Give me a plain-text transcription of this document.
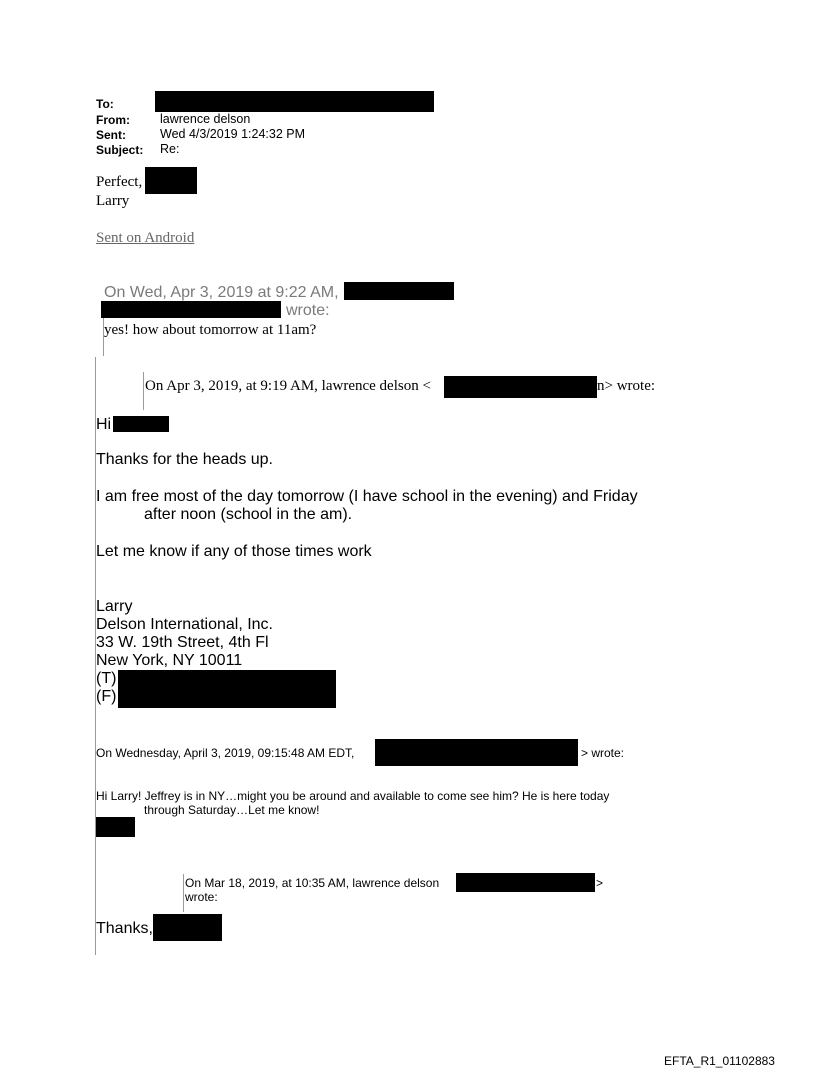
To:
From: lawrence delson
Sent:	Wed 4/3/2019 1:24:32 PM
Subject: Re:
Perfect,
Larry
Sent on Android
On Wed, Apr 3, 2019 at 9:22 AM,
wrote:
yes! how about tomorrow at 11am?
On Apr 3, 2019, at 9:19 AM, lawrence delson <	n> wrote:
Hi
Thanks for the heads up.
I am free most of the day tomorrow (I have school in the evening) and Friday
after noon (school in the am).
Let me know if any of those times work
Larry
Delson International, Inc.
33 W. 19th Street, 4th Fl
New York, NY 10011
(T)
(F)
On Wednesday, April 3, 2019, 09:15:48 AM EDT,	> wrote:
Hi Larry! Jeffrey is in NY…might you be around and available to come see him? He is here today
through Saturday…Let me know!
On Mar 18, 2019, at 10:35 AM, lawrence delson	>
wrote:
Thanks,
EFTA_R1_01102883
